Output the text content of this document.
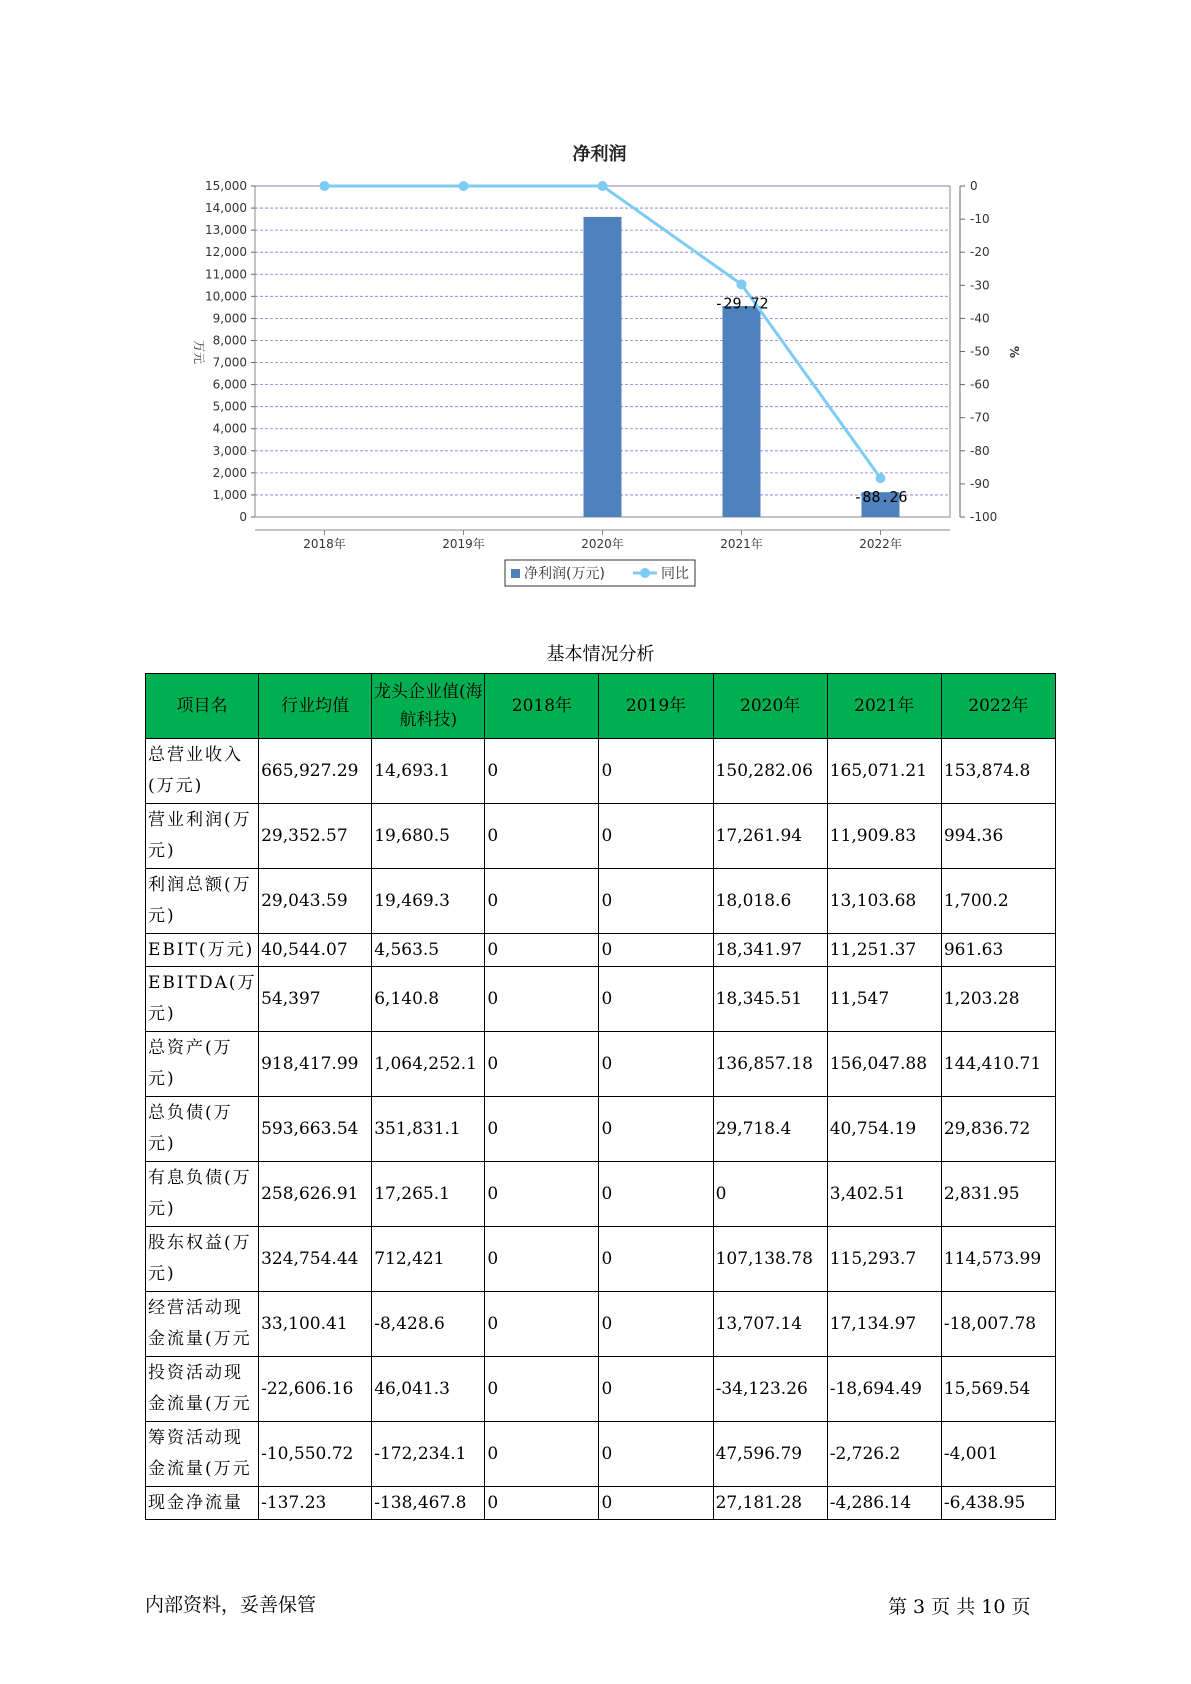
净利润
0
1,000
2,000
3,000
4,000
5,000
6,000
7,000
8,000
9,000
10,000
11,000
12,000
13,000
14,000
15,000	0
-10
-20
-30
-40
-50
-60
-70
-80
-90
-100
万元	%
2018年	2019年	2020年	2021年	2022年
-29.72
-88.26
净利润(万元)	同比
基本情况分析
项目名	行业均值	龙头企业值(海航科技)	2018年	2019年	2020年	2021年	2022年
总营业收入(万元)	665,927.29	14,693.1	0	0	150,282.06	165,071.21	153,874.8
营业利润(万元)	29,352.57	19,680.5	0	0	17,261.94	11,909.83	994.36
利润总额(万元)	29,043.59	19,469.3	0	0	18,018.6	13,103.68	1,700.2
EBIT(万元)	40,544.07	4,563.5	0	0	18,341.97	11,251.37	961.63
EBITDA(万元)	54,397	6,140.8	0	0	18,345.51	11,547	1,203.28
总资产(万元)	918,417.99	1,064,252.1	0	0	136,857.18	156,047.88	144,410.71
总负债(万元)	593,663.54	351,831.1	0	0	29,718.4	40,754.19	29,836.72
有息负债(万元)	258,626.91	17,265.1	0	0	0	3,402.51	2,831.95
股东权益(万元)	324,754.44	712,421	0	0	107,138.78	115,293.7	114,573.99
经营活动现金流量(万元	33,100.41	-8,428.6	0	0	13,707.14	17,134.97	-18,007.78
投资活动现金流量(万元	-22,606.16	46,041.3	0	0	-34,123.26	-18,694.49	15,569.54
筹资活动现金流量(万元	-10,550.72	-172,234.1	0	0	47,596.79	-2,726.2	-4,001
现金净流量	-137.23	-138,467.8	0	0	27,181.28	-4,286.14	-6,438.95
内部资料，妥善保管	第 3 页 共 10 页
